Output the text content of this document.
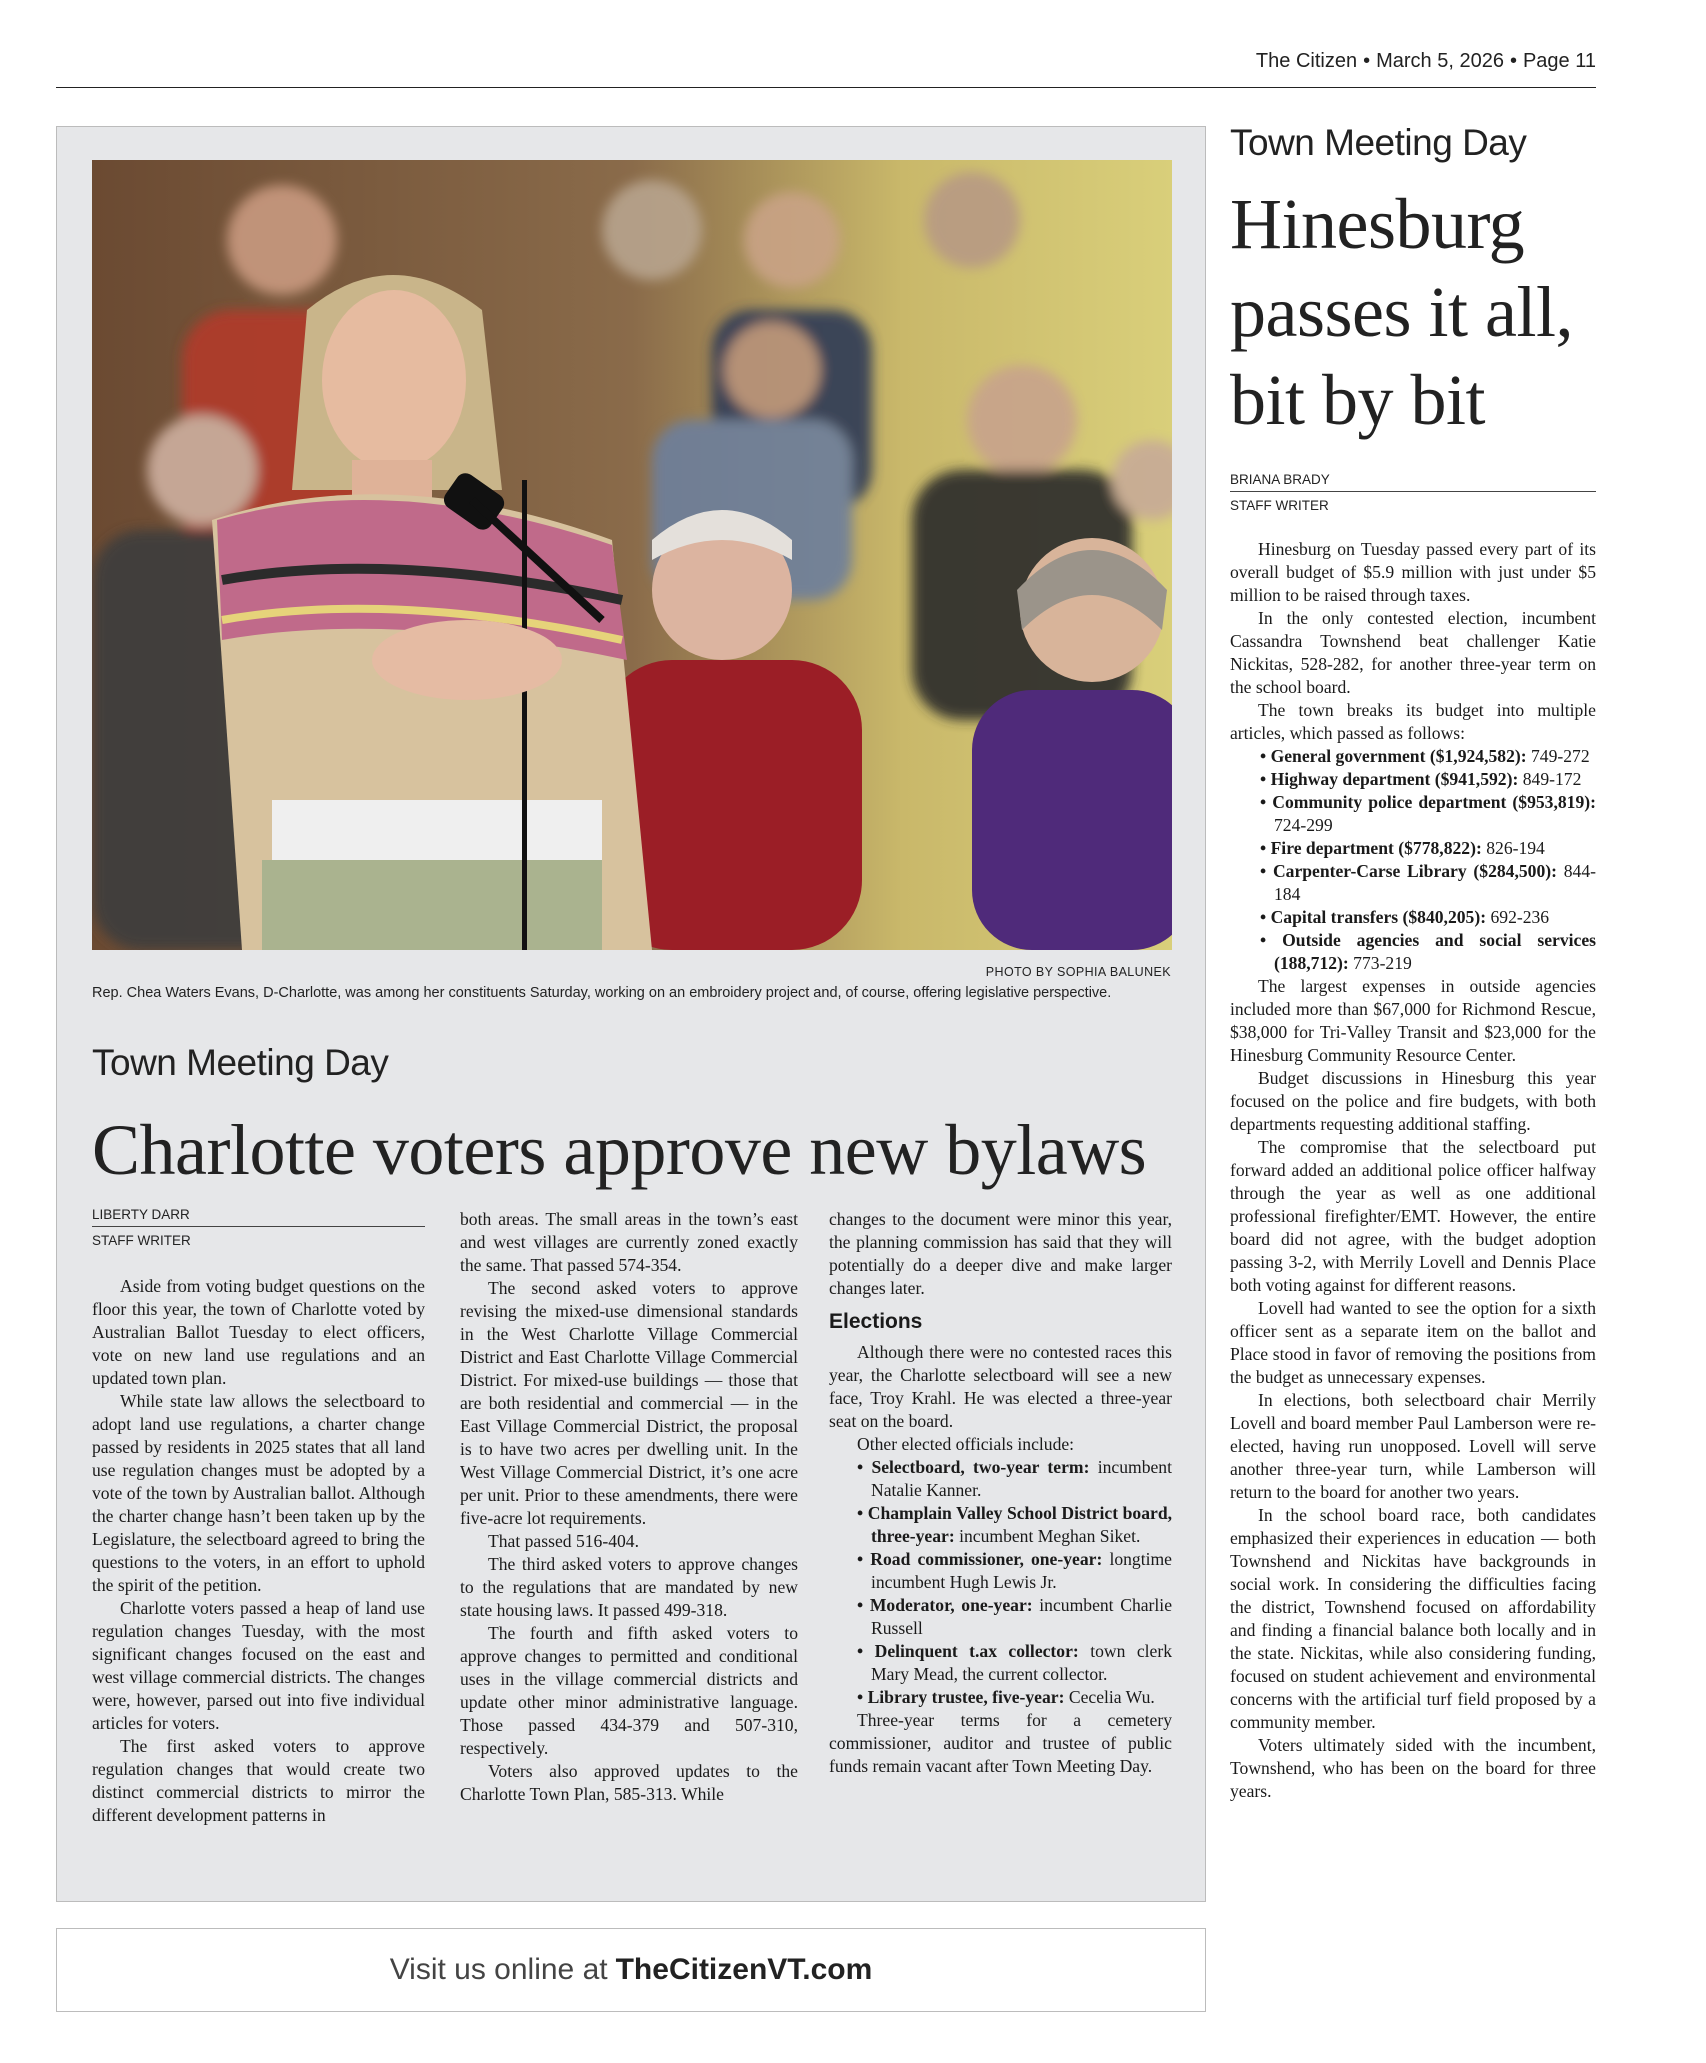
The Citizen • March 5, 2026 • Page 11
PHOTO BY SOPHIA BALUNEK
Rep. Chea Waters Evans, D-Charlotte, was among her constituents Saturday, working on an embroidery project and, of course, offering legislative perspective.
Town Meeting Day
Charlotte voters approve new bylaws
LIBERTY DARR
STAFF WRITER

Aside from voting budget questions on the floor this year, the town of Charlotte voted by Australian Ballot Tuesday to elect officers, vote on new land use regulations and an updated town plan.

While state law allows the selectboard to adopt land use regulations, a charter change passed by residents in 2025 states that all land use regulation changes must be adopted by a vote of the town by Australian ballot. Although the charter change hasn’t been taken up by the Legislature, the selectboard agreed to bring the questions to the voters, in an effort to uphold the spirit of the petition.

Charlotte voters passed a heap of land use regulation changes Tuesday, with the most significant changes focused on the east and west village commercial districts. The changes were, however, parsed out into five individual articles for voters.

The first asked voters to approve regulation changes that would create two distinct commercial districts to mirror the different development patterns in

both areas. The small areas in the town’s east and west villages are currently zoned exactly the same. That passed 574-354.

The second asked voters to approve revising the mixed-use dimensional standards in the West Charlotte Village Commercial District and East Charlotte Village Commercial District. For mixed-use buildings — those that are both residential and commercial — in the East Village Commercial District, the proposal is to have two acres per dwelling unit. In the West Village Commercial District, it’s one acre per unit. Prior to these amendments, there were five-acre lot requirements.

That passed 516-404.

The third asked voters to approve changes to the regulations that are mandated by new state housing laws. It passed 499-318.

The fourth and fifth asked voters to approve changes to permitted and conditional uses in the village commercial districts and update other minor administrative language. Those passed 434-379 and 507-310, respectively.

Voters also approved updates to the Charlotte Town Plan, 585-313. While

changes to the document were minor this year, the planning commission has said that they will potentially do a deeper dive and make larger changes later.

Elections

Although there were no contested races this year, the Charlotte selectboard will see a new face, Troy Krahl. He was elected a three-year seat on the board.

Other elected officials include:

• Selectboard, two-year term: incumbent Natalie Kanner.
• Champlain Valley School District board, three-year: incumbent Meghan Siket.
• Road commissioner, one-year: longtime incumbent Hugh Lewis Jr.
• Moderator, one-year: incumbent Charlie Russell
• Delinquent t.ax collector: town clerk Mary Mead, the current collector.
• Library trustee, five-year: Cecelia Wu.

Three-year terms for a cemetery commissioner, auditor and trustee of public funds remain vacant after Town Meeting Day.

Visit us online at TheCitizenVT.com
Town Meeting Day
Hinesburg passes it all, bit by bit
BRIANA BRADY
STAFF WRITER

Hinesburg on Tuesday passed every part of its overall budget of $5.9 million with just under $5 million to be raised through taxes.

In the only contested election, incumbent Cassandra Townshend beat challenger Katie Nickitas, 528-282, for another three-year term on the school board.

The town breaks its budget into multiple articles, which passed as follows:

• General government ($1,924,582): 749-272
• Highway department ($941,592): 849-172
• Community police department ($953,819): 724-299
• Fire department ($778,822): 826-194
• Carpenter-Carse Library ($284,500): 844-184
• Capital transfers ($840,205): 692-236
• Outside agencies and social services (188,712): 773-219

The largest expenses in outside agencies included more than $67,000 for Richmond Rescue, $38,000 for Tri-Valley Transit and $23,000 for the Hinesburg Community Resource Center.

Budget discussions in Hinesburg this year focused on the police and fire budgets, with both departments requesting additional staffing.

The compromise that the selectboard put forward added an additional police officer halfway through the year as well as one additional professional firefighter/EMT. However, the entire board did not agree, with the budget adoption passing 3-2, with Merrily Lovell and Dennis Place both voting against for different reasons.

Lovell had wanted to see the option for a sixth officer sent as a separate item on the ballot and Place stood in favor of removing the positions from the budget as unnecessary expenses.

In elections, both selectboard chair Merrily Lovell and board member Paul Lamberson were re-elected, having run unopposed. Lovell will serve another three-year turn, while Lamberson will return to the board for another two years.

In the school board race, both candidates emphasized their experiences in education — both Townshend and Nickitas have backgrounds in social work. In considering the difficulties facing the district, Townshend focused on affordability and finding a financial balance both locally and in the state. Nickitas, while also considering funding, focused on student achievement and environmental concerns with the artificial turf field proposed by a community member.

Voters ultimately sided with the incumbent, Townshend, who has been on the board for three years.
